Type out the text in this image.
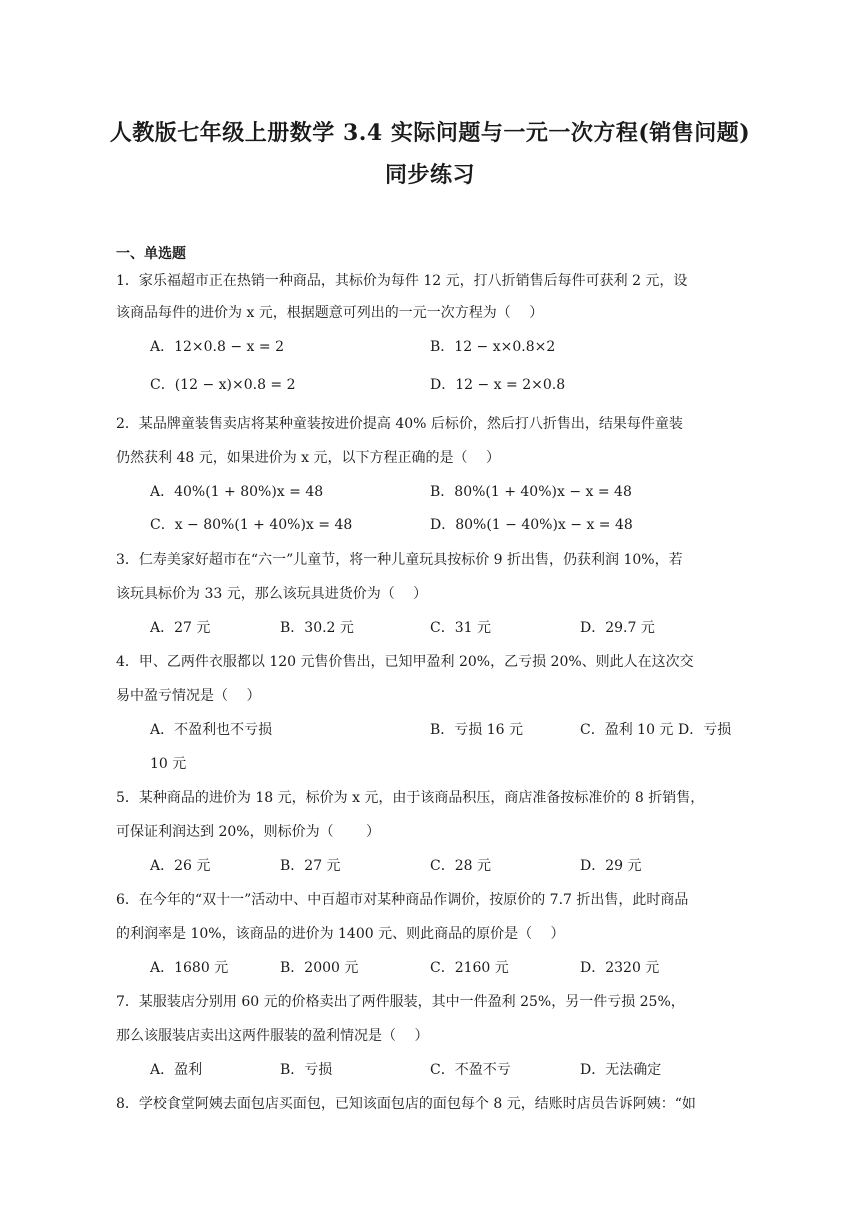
人教版七年级上册数学 3.4 实际问题与一元一次方程(销售问题)
同步练习
一、单选题
1．家乐福超市正在热销一种商品，其标价为每件 12 元，打八折销售后每件可获利 2 元，设
该商品每件的进价为 x 元，根据题意可列出的一元一次方程为（　 ）
A．12×0.8 − x = 2	B．12 − x×0.8×2
C．(12 − x)×0.8 = 2	D．12 − x = 2×0.8
2．某品牌童装售卖店将某种童装按进价提高 40% 后标价，然后打八折售出，结果每件童装
仍然获利 48 元，如果进价为 x 元，以下方程正确的是（　 ）
A．40%(1 + 80%)x = 48	B．80%(1 + 40%)x − x = 48
C．x − 80%(1 + 40%)x = 48	D．80%(1 − 40%)x − x = 48
3．仁寿美家好超市在“六一”儿童节，将一种儿童玩具按标价 9 折出售，仍获利润 10%，若
该玩具标价为 33 元，那么该玩具进货价为（　 ）
A．27 元	B．30.2 元	C．31 元	D．29.7 元
4．甲、乙两件衣服都以 120 元售价售出，已知甲盈利 20%，乙亏损 20%、则此人在这次交
易中盈亏情况是（　 ）
A．不盈利也不亏损	B．亏损 16 元	C．盈利 10 元 D．亏损
10 元
5．某种商品的进价为 18 元，标价为 x 元，由于该商品积压，商店准备按标准价的 8 折销售，
可保证利润达到 20%，则标价为（　　 ）
A．26 元	B．27 元	C．28 元	D．29 元
6．在今年的“双十一”活动中、中百超市对某种商品作调价，按原价的 7.7 折出售，此时商品
的利润率是 10%，该商品的进价为 1400 元、则此商品的原价是（　 ）
A．1680 元	B．2000 元	C．2160 元	D．2320 元
7．某服装店分别用 60 元的价格卖出了两件服装，其中一件盈利 25%，另一件亏损 25%，
那么该服装店卖出这两件服装的盈利情况是（　 ）
A．盈利	B．亏损	C．不盈不亏	D．无法确定
8．学校食堂阿姨去面包店买面包，已知该面包店的面包每个 8 元，结账时店员告诉阿姨：“如
